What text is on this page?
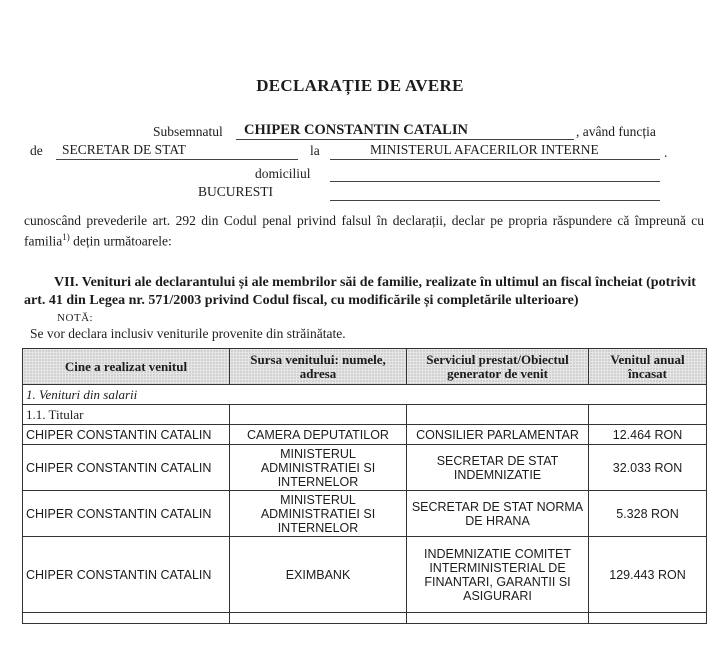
DECLARAȚIE DE AVERE
Subsemnatul CHIPER CONSTANTIN CATALIN	, având funcția
de SECRETAR DE STAT	la	MINISTERUL AFACERILOR INTERNE	.
domiciliul
BUCURESTI
cunoscând prevederile art. 292 din Codul penal privind falsul în declarații, declar pe propria răspundere că împreună cu familia$^{1)}$ dețin următoarele:
VII. Venituri ale declarantului și ale membrilor săi de familie, realizate în ultimul an fiscal încheiat (potrivit art. 41 din Legea nr. 571/2003 privind Codul fiscal, cu modificările și completările ulterioare)
NOTĂ:
Se vor declara inclusiv veniturile provenite din străinătate.
Cine a realizat venitul	Sursa venitului: numele, adresa	Serviciul prestat/Obiectul generator de venit	Venitul anual încasat
1. Venituri din salarii			
1.1. Titular			
CHIPER CONSTANTIN CATALIN	CAMERA DEPUTATILOR	CONSILIER PARLAMENTAR	12.464 RON
CHIPER CONSTANTIN CATALIN	MINISTERUL ADMINISTRATIEI SI INTERNELOR	SECRETAR DE STAT INDEMNIZATIE	32.033 RON
CHIPER CONSTANTIN CATALIN	MINISTERUL ADMINISTRATIEI SI INTERNELOR	SECRETAR DE STAT NORMA DE HRANA	5.328 RON
CHIPER CONSTANTIN CATALIN	EXIMBANK	INDEMNIZATIE COMITET INTERMINISTERIAL DE FINANTARI, GARANTII SI ASIGURARI	129.443 RON
